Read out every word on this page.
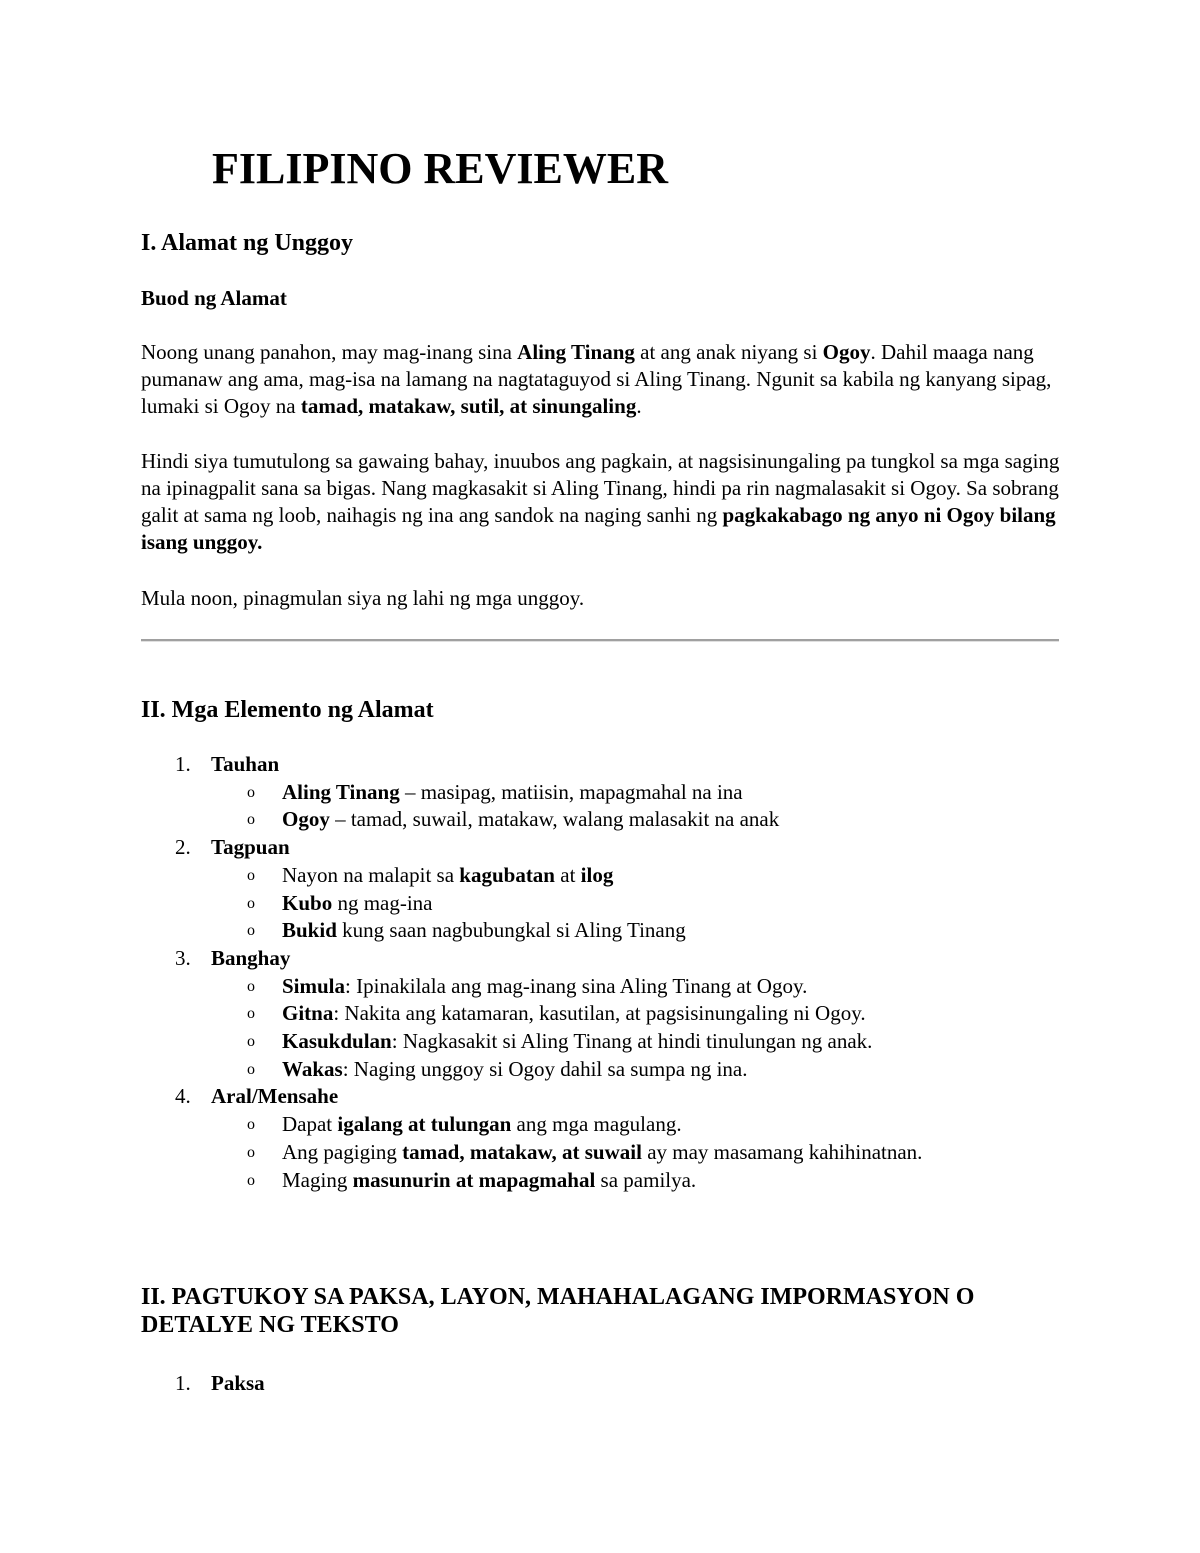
FILIPINO REVIEWER
I. Alamat ng Unggoy
Buod ng Alamat

Noong unang panahon, may mag-inang sina Aling Tinang at ang anak niyang si Ogoy. Dahil maaga nang pumanaw ang ama, mag-isa na lamang na nagtataguyod si Aling Tinang. Ngunit sa kabila ng kanyang sipag, lumaki si Ogoy na tamad, matakaw, sutil, at sinungaling.

Hindi siya tumutulong sa gawaing bahay, inuubos ang pagkain, at nagsisinungaling pa tungkol sa mga saging na ipinagpalit sana sa bigas. Nang magkasakit si Aling Tinang, hindi pa rin nagmalasakit si Ogoy. Sa sobrang galit at sama ng loob, naihagis ng ina ang sandok na naging sanhi ng pagkakabago ng anyo ni Ogoy bilang isang unggoy.

Mula noon, pinagmulan siya ng lahi ng mga unggoy.

II. Mga Elemento ng Alamat
1. Tauhan
o Aling Tinang – masipag, matiisin, mapagmahal na ina
o Ogoy – tamad, suwail, matakaw, walang malasakit na anak
2. Tagpuan
o Nayon na malapit sa kagubatan at ilog
o Kubo ng mag-ina
o Bukid kung saan nagbubungkal si Aling Tinang
3. Banghay
o Simula: Ipinakilala ang mag-inang sina Aling Tinang at Ogoy.
o Gitna: Nakita ang katamaran, kasutilan, at pagsisinungaling ni Ogoy.
o Kasukdulan: Nagkasakit si Aling Tinang at hindi tinulungan ng anak.
o Wakas: Naging unggoy si Ogoy dahil sa sumpa ng ina.
4. Aral/Mensahe
o Dapat igalang at tulungan ang mga magulang.
o Ang pagiging tamad, matakaw, at suwail ay may masamang kahihinatnan.
o Maging masunurin at mapagmahal sa pamilya.
II. PAGTUKOY SA PAKSA, LAYON, MAHAHALAGANG IMPORMASYON O DETALYE NG TEKSTO
1. Paksa
